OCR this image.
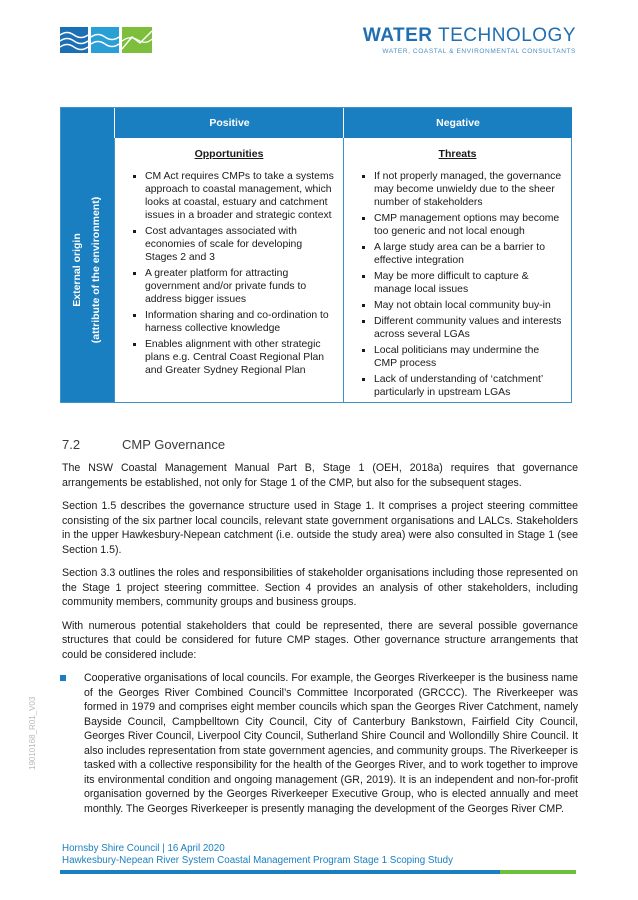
WATER TECHNOLOGY
WATER, COASTAL & ENVIRONMENTAL CONSULTANTS
Positive	Negative
External origin (attribute of the environment)
Opportunities
CM Act requires CMPs to take a systems approach to coastal management, which looks at coastal, estuary and catchment issues in a broader and strategic context
Cost advantages associated with economies of scale for developing Stages 2 and 3
A greater platform for attracting government and/or private funds to address bigger issues
Information sharing and co-ordination to harness collective knowledge
Enables alignment with other strategic plans e.g. Central Coast Regional Plan and Greater Sydney Regional Plan
Threats
If not properly managed, the governance may become unwieldy due to the sheer number of stakeholders
CMP management options may become too generic and not local enough
A large study area can be a barrier to effective integration
May be more difficult to capture & manage local issues
May not obtain local community buy-in
Different community values and interests across several LGAs
Local politicians may undermine the CMP process
Lack of understanding of ‘catchment’ particularly in upstream LGAs
7.2	CMP Governance

The NSW Coastal Management Manual Part B, Stage 1 (OEH, 2018a) requires that governance arrangements be established, not only for Stage 1 of the CMP, but also for the subsequent stages.

Section 1.5 describes the governance structure used in Stage 1. It comprises a project steering committee consisting of the six partner local councils, relevant state government organisations and LALCs. Stakeholders in the upper Hawkesbury-Nepean catchment (i.e. outside the study area) were also consulted in Stage 1 (see Section 1.5).

Section 3.3 outlines the roles and responsibilities of stakeholder organisations including those represented on the Stage 1 project steering committee. Section 4 provides an analysis of other stakeholders, including community members, community groups and business groups.

With numerous potential stakeholders that could be represented, there are several possible governance structures that could be considered for future CMP stages. Other governance structure arrangements that could be considered include:

Cooperative organisations of local councils. For example, the Georges Riverkeeper is the business name of the Georges River Combined Council’s Committee Incorporated (GRCCC). The Riverkeeper was formed in 1979 and comprises eight member councils which span the Georges River Catchment, namely Bayside Council, Campbelltown City Council, City of Canterbury Bankstown, Fairfield City Council, Georges River Council, Liverpool City Council, Sutherland Shire Council and Wollondilly Shire Council. It also includes representation from state government agencies, and community groups. The Riverkeeper is tasked with a collective responsibility for the health of the Georges River, and to work together to improve its environmental condition and ongoing management (GR, 2019). It is an independent and non-for-profit organisation governed by the Georges Riverkeeper Executive Group, who is elected annually and meet monthly. The Georges Riverkeeper is presently managing the development of the Georges River CMP.
19010168_R01_V03
Hornsby Shire Council | 16 April 2020
Hawkesbury-Nepean River System Coastal Management Program Stage 1 Scoping Study
